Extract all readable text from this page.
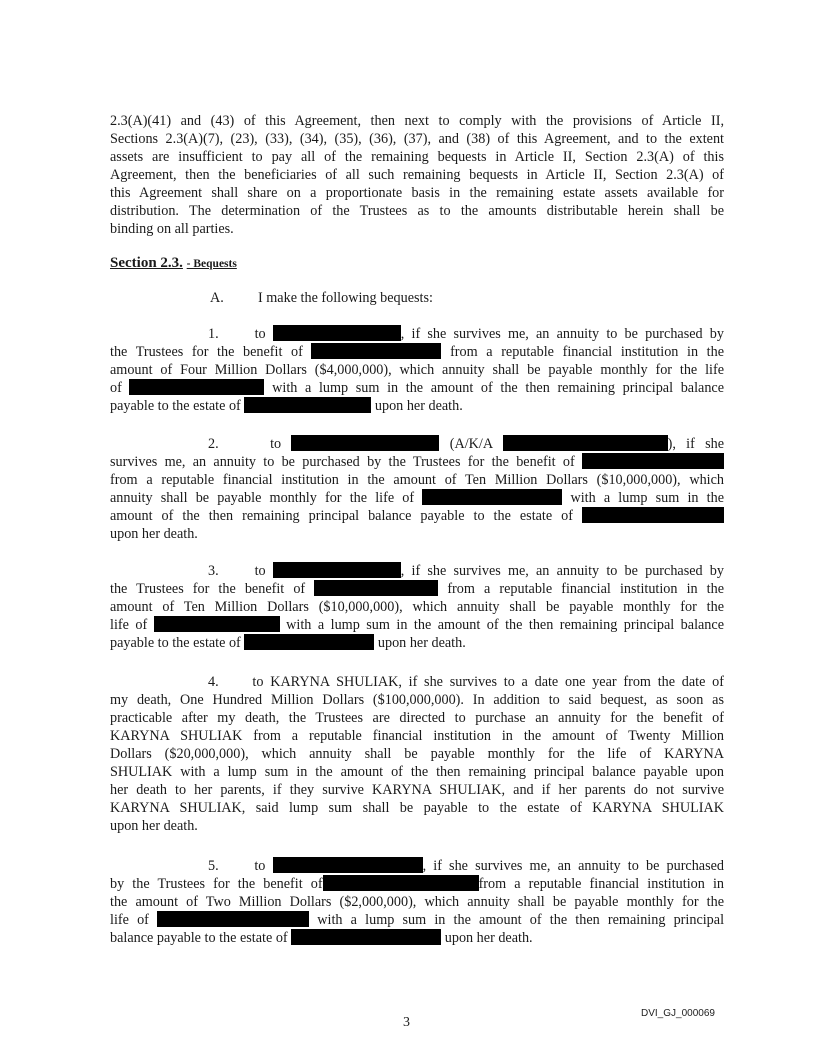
2.3(A)(41) and (43) of this Agreement, then next to comply with the provisions of Article II,
Sections 2.3(A)(7), (23), (33), (34), (35), (36), (37), and (38) of this Agreement, and to the extent
assets are insufficient to pay all of the remaining bequests in Article II, Section 2.3(A) of this
Agreement, then the beneficiaries of all such remaining bequests in Article II, Section 2.3(A) of
this Agreement shall share on a proportionate basis in the remaining estate assets available for
distribution. The determination of the Trustees as to the amounts distributable herein shall be
binding on all parties.
Section 2.3. - Bequests
A. I make the following bequests:
1.	to	, if she survives me, an annuity to be purchased by
the Trustees for the benefit of	from a reputable financial institution in the
amount of Four Million Dollars ($4,000,000), which annuity shall be payable monthly for the life
of	with a lump sum in the amount of the then remaining principal balance
payable to the estate of	upon her death.
2.	to	(A/K/A	), if she
survives me, an annuity to be purchased by the Trustees for the benefit of
from a reputable financial institution in the amount of Ten Million Dollars ($10,000,000), which
annuity shall be payable monthly for the life of	with a lump sum in the
amount of the then remaining principal balance payable to the estate of
upon her death.
3.	to	, if she survives me, an annuity to be purchased by
the Trustees for the benefit of	from a reputable financial institution in the
amount of Ten Million Dollars ($10,000,000), which annuity shall be payable monthly for the
life of	with a lump sum in the amount of the then remaining principal balance
payable to the estate of	upon her death.
4. to KARYNA SHULIAK, if she survives to a date one year from the date of
my death, One Hundred Million Dollars ($100,000,000). In addition to said bequest, as soon as
practicable after my death, the Trustees are directed to purchase an annuity for the benefit of
KARYNA SHULIAK from a reputable financial institution in the amount of Twenty Million
Dollars ($20,000,000), which annuity shall be payable monthly for the life of KARYNA
SHULIAK with a lump sum in the amount of the then remaining principal balance payable upon
her death to her parents, if they survive KARYNA SHULIAK, and if her parents do not survive
KARYNA SHULIAK, said lump sum shall be payable to the estate of KARYNA SHULIAK
upon her death.
5.	to	, if she survives me, an annuity to be purchased
by the Trustees for the benefit of	from a reputable financial institution in
the amount of Two Million Dollars ($2,000,000), which annuity shall be payable monthly for the
life of	with a lump sum in the amount of the then remaining principal
balance payable to the estate of	upon her death.
DVI_GJ_000069
3
